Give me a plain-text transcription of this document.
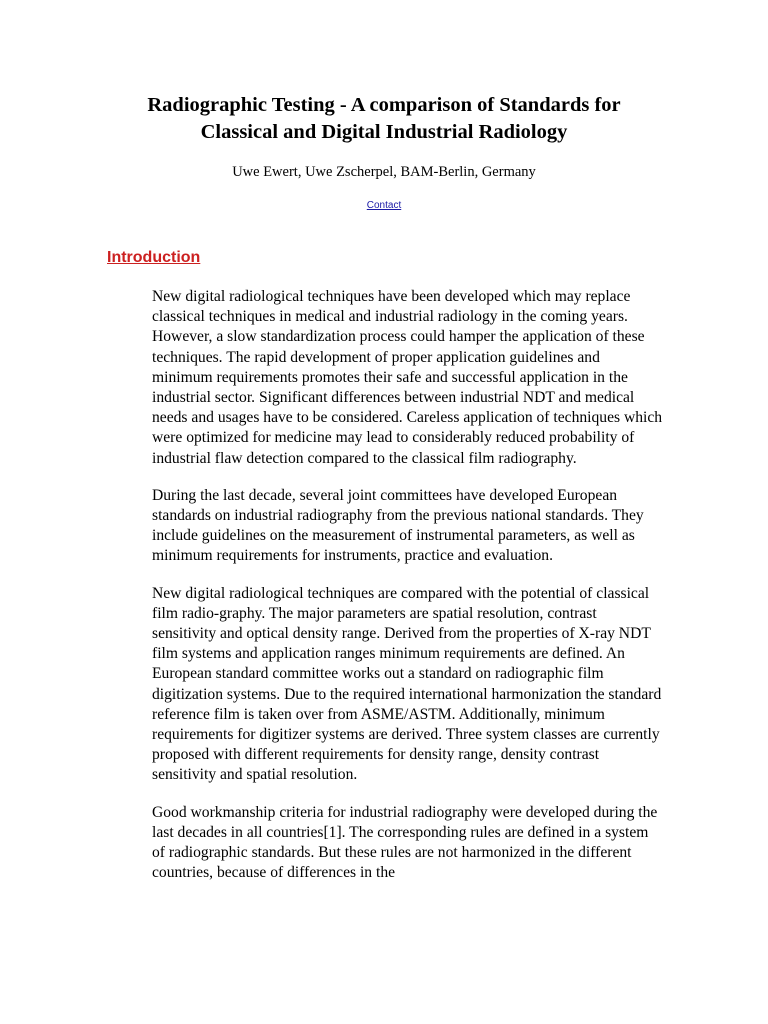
Radiographic Testing - A comparison of Standards for
Classical and Digital Industrial Radiology

Uwe Ewert, Uwe Zscherpel, BAM-Berlin, Germany

Contact

Introduction

New digital radiological techniques have been developed which may replace classical techniques in medical and industrial radiology in the coming years. However, a slow standardization process could hamper the application of these techniques. The rapid development of proper application guidelines and minimum requirements promotes their safe and successful application in the industrial sector. Significant differences between industrial NDT and medical needs and usages have to be considered. Careless application of techniques which were optimized for medicine may lead to considerably reduced probability of industrial flaw detection compared to the classical film radiography.

During the last decade, several joint committees have developed European standards on industrial radiography from the previous national standards. They include guidelines on the measurement of instrumental parameters, as well as minimum requirements for instruments, practice and evaluation.

New digital radiological techniques are compared with the potential of classical film radio-graphy. The major parameters are spatial resolution, contrast sensitivity and optical density range. Derived from the properties of X-ray NDT film systems and application ranges minimum requirements are defined. An European standard committee works out a standard on radiographic film digitization systems. Due to the required international harmonization the standard reference film is taken over from ASME/ASTM. Additionally, minimum requirements for digitizer systems are derived. Three system classes are currently proposed with different requirements for density range, density contrast sensitivity and spatial resolution.

Good workmanship criteria for industrial radiography were developed during the last decades in all countries[1]. The corresponding rules are defined in a system of radiographic standards. But these rules are not harmonized in the different countries, because of differences in the
